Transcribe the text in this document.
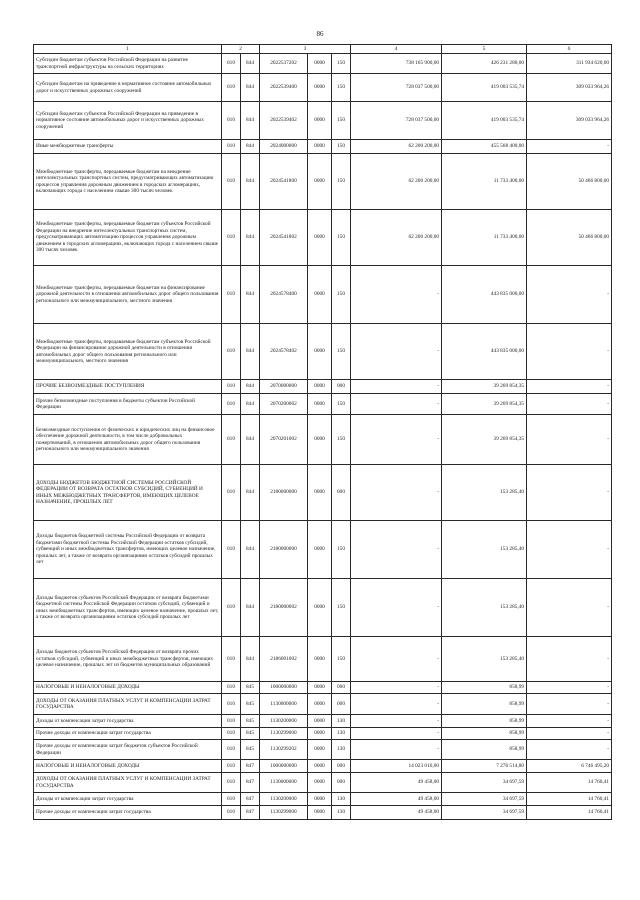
86
1	2		3			4	5	6
Субсидии бюджетам субъектов Российской Федерации на развитие транспортной инфраструктуры на сельских территориях	010	844	2022537202	0000	150	738 165 900,00	426 231 280,00	311 934 620,00
Субсидии бюджетам на приведение в нормативное состояние автомобильных дорог и искусственных дорожных сооружений	010	844	2022539400	0000	150	728 037 500,00	419 003 535,74	309 033 964,26
Субсидии бюджетам субъектов Российской Федерации на приведение в нормативное состояние автомобильных дорог и искусственных дорожных сооружений	010	844	2022539402	0000	150	728 037 500,00	419 003 535,74	309 033 964,26
Иные межбюджетные трансферты	010	844	2024000000	0000	150	62 200 200,00	455 568 400,00	-
Межбюджетные трансферты, передаваемые бюджетам на внедрение интеллектуальных транспортных систем, предусматривающих автоматизацию процессов управления дорожным движением в городских агломерациях, включающих города с населением свыше 300 тысяч человек	010	844	2024541800	0000	150	62 200 200,00	11 733 400,00	50 466 800,00
Межбюджетные трансферты, передаваемые бюджетам субъектов Российской Федерации на внедрение интеллектуальных транспортных систем, предусматривающих автоматизацию процессов управления дорожным движением в городских агломерациях, включающих города с населением свыше 300 тысяч человек	010	844	2024541802	0000	150	62 200 200,00	11 733 400,00	50 466 800,00
Межбюджетные трансферты, передаваемые бюджетам на финансирование дорожной деятельности в отношении автомобильных дорог общего пользования регионального или межмуниципального, местного значения	010	844	2024578400	0000	150	-	443 835 000,00	-
Межбюджетные трансферты, передаваемые бюджетам субъектов Российской Федерации на финансирование дорожной деятельности в отношении автомобильных дорог общего пользования регионального или межмуниципального, местного значения	010	844	2024578402	0000	150	-	443 835 000,00	-
ПРОЧИЕ БЕЗВОЗМЕЗДНЫЕ ПОСТУПЛЕНИЯ	010	844	2070000000	0000	000	-	39 269 854,35	-
Прочие безвозмездные поступления в бюджеты субъектов Российской Федерации	010	844	2070200002	0000	150	-	39 269 854,35	-
Безвозмездные поступления от физических и юридических лиц на финансовое обеспечение дорожной деятельности, в том числе добровольных пожертвований, в отношении автомобильных дорог общего пользования регионального или межмуниципального значения	010	844	2070201002	0000	150	-	39 269 854,35	-
ДОХОДЫ БЮДЖЕТОВ БЮДЖЕТНОЙ СИСТЕМЫ РОССИЙСКОЙ ФЕДЕРАЦИИ ОТ ВОЗВРАТА ОСТАТКОВ СУБСИДИЙ, СУБВЕНЦИЙ И ИНЫХ МЕЖБЮДЖЕТНЫХ ТРАНСФЕРТОВ, ИМЕЮЩИХ ЦЕЛЕВОЕ НАЗНАЧЕНИЕ, ПРОШЛЫХ ЛЕТ	010	844	2180000000	0000	000	-	153 285,40	-
Доходы бюджетов бюджетной системы Российской Федерации от возврата бюджетами бюджетной системы Российской Федерации остатков субсидий, субвенций и иных межбюджетных трансфертов, имеющих целевое назначение, прошлых лет, а также от возврата организациями остатков субсидий прошлых лет	010	844	2180000000	0000	150	-	153 285,40	-
Доходы бюджетов субъектов Российской Федерации от возврата бюджетами бюджетной системы Российской Федерации остатков субсидий, субвенций и иных межбюджетных трансфертов, имеющих целевое назначение, прошлых лет, а также от возврата организациями остатков субсидий прошлых лет	010	844	2180000002	0000	150	-	153 285,40	-
Доходы бюджетов субъектов Российской Федерации от возврата прочих остатков субсидий, субвенций и иных межбюджетных трансфертов, имеющих целевое назначение, прошлых лет из бюджетов муниципальных образований	010	844	2186001002	0000	150	-	153 285,40	-
НАЛОГОВЫЕ И НЕНАЛОГОВЫЕ ДОХОДЫ	010	845	1000000000	0000	000	-	858,99	-
ДОХОДЫ ОТ ОКАЗАНИЯ ПЛАТНЫХ УСЛУГ И КОМПЕНСАЦИИ ЗАТРАТ ГОСУДАРСТВА	010	845	1130000000	0000	000	-	858,99	-
Доходы от компенсации затрат государства	010	845	1130200000	0000	130	-	858,99	-
Прочие доходы от компенсации затрат государства	010	845	1130299000	0000	130	-	858,99	-
Прочие доходы от компенсации затрат бюджетов субъектов Российской Федерации	010	845	1130299202	0000	130	-	858,99	-
НАЛОГОВЫЕ И НЕНАЛОГОВЫЕ ДОХОДЫ	010	847	1000000000	0000	000	14 023 010,00	7 276 514,80	6 746 495,20
ДОХОДЫ ОТ ОКАЗАНИЯ ПЛАТНЫХ УСЛУГ И КОМПЕНСАЦИИ ЗАТРАТ ГОСУДАРСТВА	010	847	1130000000	0000	000	49 458,00	34 697,59	14 760,41
Доходы от компенсации затрат государства	010	847	1130200000	0000	130	49 458,00	34 697,59	14 760,41
Прочие доходы от компенсации затрат государства	010	847	1130299000	0000	130	49 458,00	34 697,59	14 760,41
